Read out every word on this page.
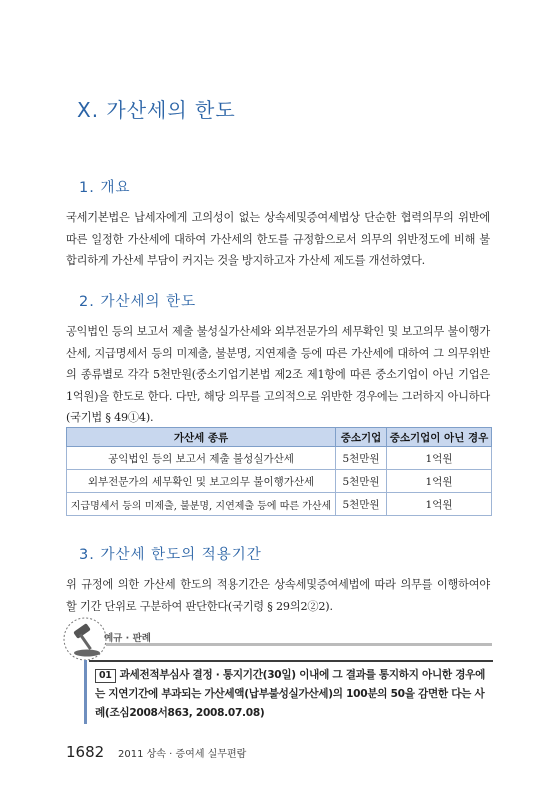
X. 가산세의 한도
1. 개요
국세기본법은 납세자에게 고의성이 없는 상속세및증여세법상 단순한 협력의무의 위반에 따른 일정한 가산세에 대하여 가산세의 한도를 규정함으로서 의무의 위반정도에 비해 불합리하게 가산세 부담이 커지는 것을 방지하고자 가산세 제도를 개선하였다.
2. 가산세의 한도
공익법인 등의 보고서 제출 불성실가산세와 외부전문가의 세무확인 및 보고의무 불이행가산세, 지급명세서 등의 미제출, 불분명, 지연제출 등에 따른 가산세에 대하여 그 의무위반의 종류별로 각각 5천만원(중소기업기본법 제2조 제1항에 따른 중소기업이 아닌 기업은 1억원)을 한도로 한다. 다만, 해당 의무를 고의적으로 위반한 경우에는 그러하지 아니하다(국기법 § 49①4).
가산세 종류	중소기업	중소기업이 아닌 경우
공익법인 등의 보고서 제출 불성실가산세	5천만원	1억원
외부전문가의 세무확인 및 보고의무 불이행가산세	5천만원	1억원
지급명세서 등의 미제출, 불분명, 지연제출 등에 따른 가산세	5천만원	1억원
3. 가산세 한도의 적용기간
위 규정에 의한 가산세 한도의 적용기간은 상속세및증여세법에 따라 의무를 이행하여야 할 기간 단위로 구분하여 판단한다(국기령 § 29의2②2).
예규 · 판례
01 과세전적부심사 결정 · 통지기간(30일) 이내에 그 결과를 통지하지 아니한 경우에는 지연기간에 부과되는 가산세액(납부불성실가산세)의 100분의 50을 감면한 다는 사례(조심2008서863, 2008.07.08)
1682 2011 상속 · 증여세 실무편람
